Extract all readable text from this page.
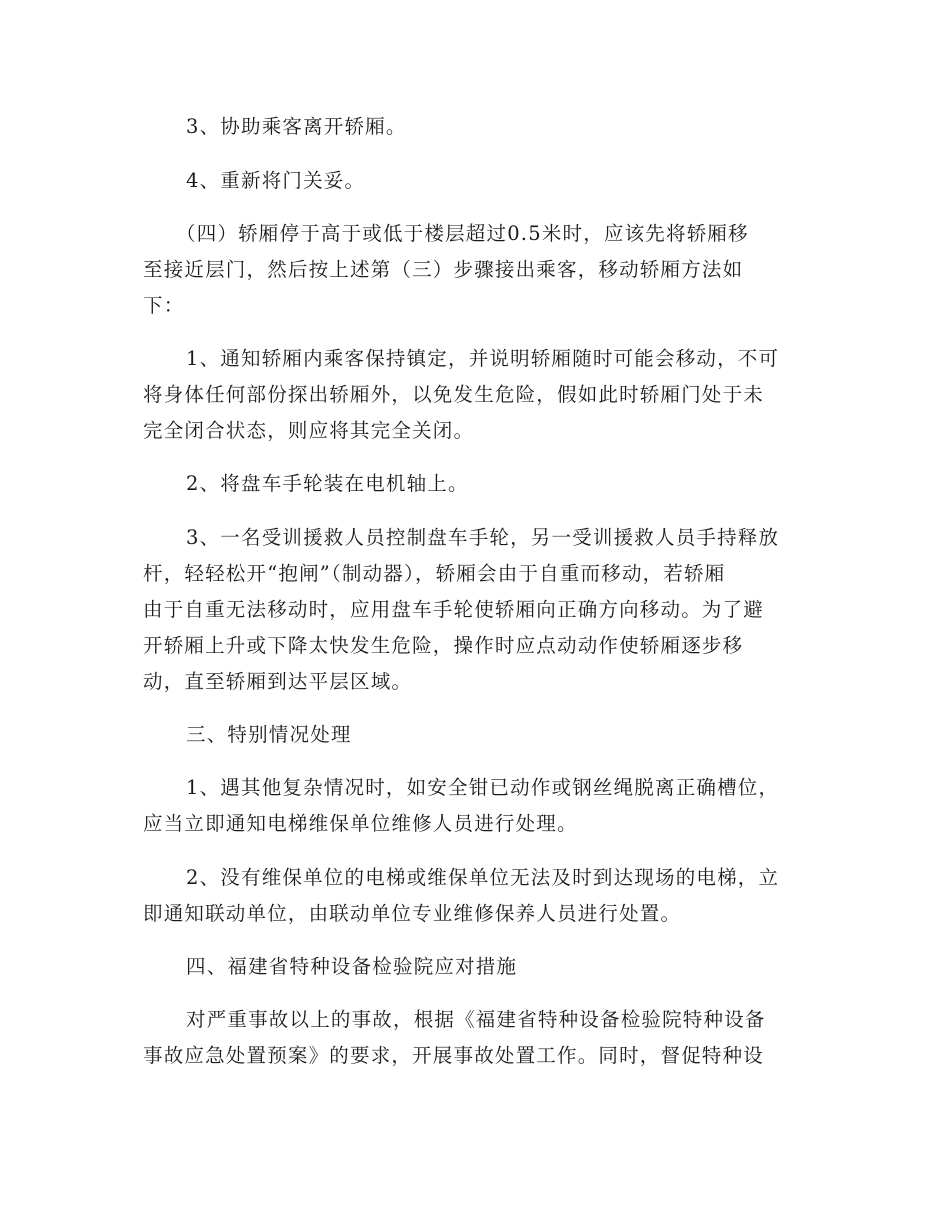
3、协助乘客离开轿厢。
4、重新将门关妥。
（四）轿厢停于高于或低于楼层超过0.5米时，应该先将轿厢移
至接近层门，然后按上述第（三）步骤接出乘客，移动轿厢方法如
下：
1、通知轿厢内乘客保持镇定，并说明轿厢随时可能会移动，不可
将身体任何部份探出轿厢外，以免发生危险，假如此时轿厢门处于未
完全闭合状态，则应将其完全关闭。
2、将盘车手轮装在电机轴上。
3、一名受训援救人员控制盘车手轮，另一受训援救人员手持释放
杆，轻轻松开“抱闸”（制动器），轿厢会由于自重而移动，若轿厢
由于自重无法移动时，应用盘车手轮使轿厢向正确方向移动。为了避
开轿厢上升或下降太快发生危险，操作时应点动动作使轿厢逐步移
动，直至轿厢到达平层区域。
三、特别情况处理
1、遇其他复杂情况时，如安全钳已动作或钢丝绳脱离正确槽位，
应当立即通知电梯维保单位维修人员进行处理。
2、没有维保单位的电梯或维保单位无法及时到达现场的电梯，立
即通知联动单位，由联动单位专业维修保养人员进行处置。
四、福建省特种设备检验院应对措施
对严重事故以上的事故，根据《福建省特种设备检验院特种设备
事故应急处置预案》的要求，开展事故处置工作。同时，督促特种设
